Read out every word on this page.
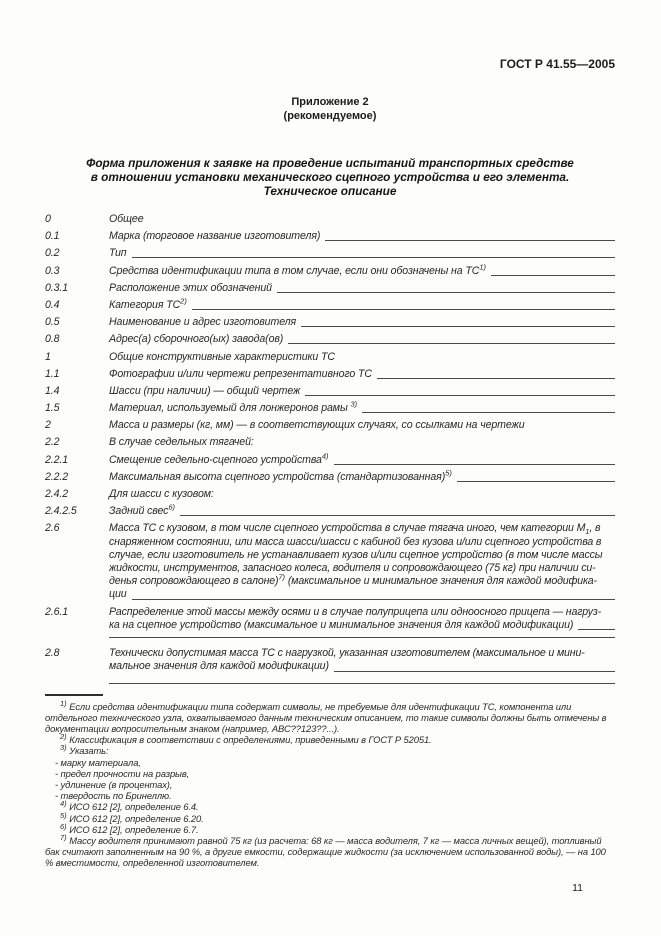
ГОСТ Р 41.55—2005
Приложение 2
(рекомендуемое)
Форма приложения к заявке на проведение испытаний транспортных средстве
в отношении установки механического сцепного устройства и его элемента.
Техническое описание
0	Общее
0.1	Марка (торговое название изготовителя)
0.2	Тип
0.3	Средства идентификации типа в том случае, если они обозначены на ТС$^{1)}$
0.3.1	Расположение этих обозначений
0.4	Категория ТС$^{2)}$
0.5	Наименование и адрес изготовителя
0.8	Адрес(а) сборочного(ых) завода(ов)
1	Общие конструктивные характеристики ТС
1.1	Фотографии и/или чертежи репрезентативного ТС
1.4	Шасси (при наличии) — общий чертеж
1.5	Материал, используемый для лонжеронов рамы $^{3)}$
2	Масса и размеры (кг, мм) — в соответствующих случаях, со ссылками на чертежи
2.2	В случае седельных тягачей:
2.2.1	Смещение седельно-сцепного устройства$^{4)}$
2.2.2	Максимальная высота сцепного устройства (стандартизованная)$^{5)}$
2.4.2	Для шасси с кузовом:
2.4.2.5	Задний свес$^{6)}$
2.6	Масса ТС с кузовом, в том числе сцепного устройства в случае тягача иного, чем категории $М_1$, в
снаряженном состоянии, или масса шасси/шасси с кабиной без кузова и/или сцепного устройства в
случае, если изготовитель не устанавливает кузов и/или сцепное устройство (в том числе массы
жидкости, инструментов, запасного колеса, водителя и сопровождающего (75 кг) при наличии си-
денья сопровождающего в салоне)$^{7)}$ (максимальное и минимальное значения для каждой модифика-
ции
2.6.1	Распределение этой массы между осями и в случае полуприцепа или одноосного прицепа — нагруз-
ка на сцепное устройство (максимальное и минимальное значения для каждой модификации)
2.8	Технически допустимая масса ТС с нагрузкой, указанная изготовителем (максимальное и мини-
мальное значения для каждой модификации)

$^{1)}$ Если средства идентификации типа содержат символы, не требуемые для идентификации ТС, компонента или отдельного технического узла, охватываемого данным техническим описанием, то такие символы должны быть отмечены в документации вопросительным знаком (например, АВС??123??...).

$^{2)}$ Классификация в соответствии с определениями, приведенными в ГОСТ Р 52051.

$^{3)}$ Указать:

- марку материала,
- предел прочности на разрыв,
- удлинение (в процентах),
- твердость по Бринеллю.

$^{4)}$ ИСО 612 [2], определение 6.4.

$^{5)}$ ИСО 612 [2], определение 6.20.

$^{6)}$ ИСО 612 [2], определение 6.7.

$^{7)}$ Массу водителя принимают равной 75 кг (из расчета: 68 кг — масса водителя, 7 кг — масса личных вещей), топливный бак считают заполненным на 90 %, а другие емкости, содержащие жидкости (за исключением использованной воды), — на 100 % вместимости, определенной изготовителем.

11
